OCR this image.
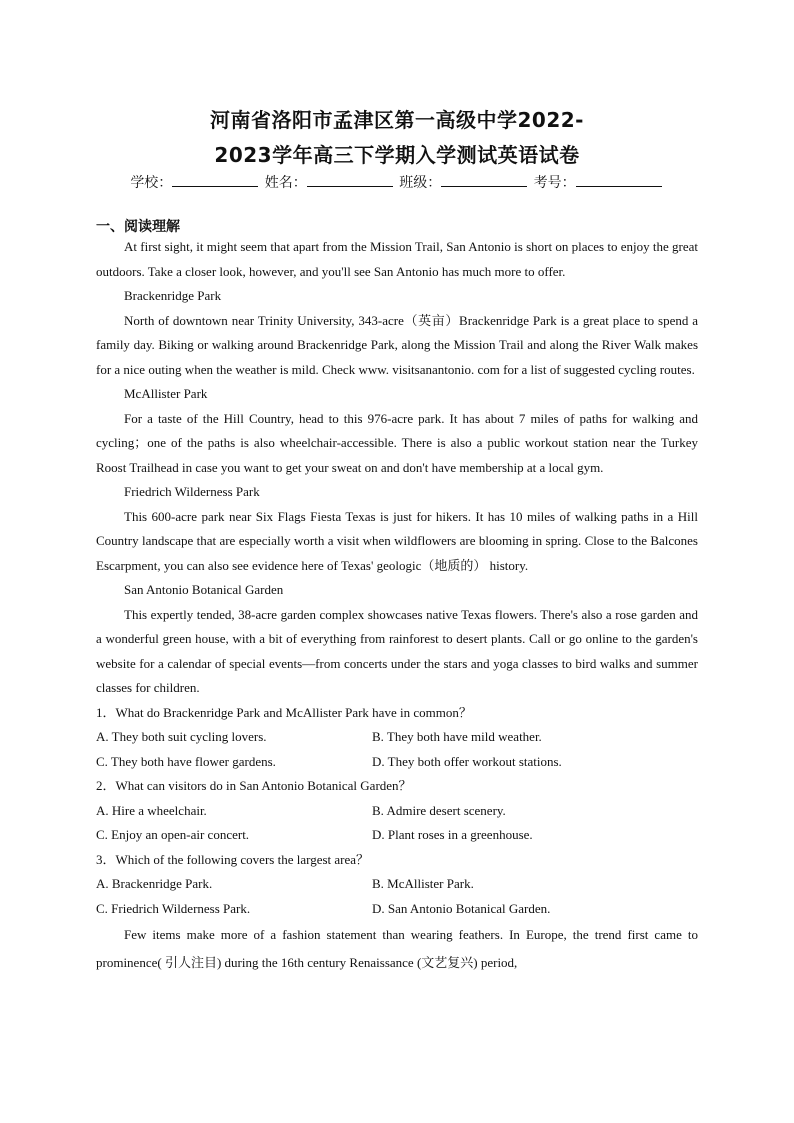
河南省洛阳市孟津区第一高级中学2022-
2023学年高三下学期入学测试英语试卷
学校：	姓名：	班级：	考号：
一、阅读理解

At first sight, it might seem that apart from the Mission Trail, San Antonio is short on places to enjoy the great outdoors. Take a closer look, however, and you'll see San Antonio has much more to offer.

Brackenridge Park

North of downtown near Trinity University, 343-acre（英亩）Brackenridge Park is a great place to spend a family day. Biking or walking around Brackenridge Park, along the Mission Trail and along the River Walk makes for a nice outing when the weather is mild. Check www. visitsanantonio. com for a list of suggested cycling routes.

McAllister Park

For a taste of the Hill Country, head to this 976-acre park. It has about 7 miles of paths for walking and cycling；one of the paths is also wheelchair-accessible. There is also a public workout station near the Turkey Roost Trailhead in case you want to get your sweat on and don't have membership at a local gym.

Friedrich Wilderness Park

This 600-acre park near Six Flags Fiesta Texas is just for hikers. It has 10 miles of walking paths in a Hill Country landscape that are especially worth a visit when wildflowers are blooming in spring. Close to the Balcones Escarpment, you can also see evidence here of Texas' geologic（地质的） history.

San Antonio Botanical Garden

This expertly tended, 38-acre garden complex showcases native Texas flowers. There's also a rose garden and a wonderful green house, with a bit of everything from rainforest to desert plants. Call or go online to the garden's website for a calendar of special events—from concerts under the stars and yoga classes to bird walks and summer classes for children.

1．What do Brackenridge Park and McAllister Park have in common？
A. They both suit cycling lovers.	B. They both have mild weather.
C. They both have flower gardens.	D. They both offer workout stations.
2．What can visitors do in San Antonio Botanical Garden？
A. Hire a wheelchair.	B. Admire desert scenery.
C. Enjoy an open-air concert.	D. Plant roses in a greenhouse.
3．Which of the following covers the largest area？
A. Brackenridge Park.	B. McAllister Park.
C. Friedrich Wilderness Park.	D. San Antonio Botanical Garden.

Few items make more of a fashion statement than wearing feathers. In Europe, the trend first came to prominence( 引人注目) during the 16th century Renaissance (文艺复兴) period,
